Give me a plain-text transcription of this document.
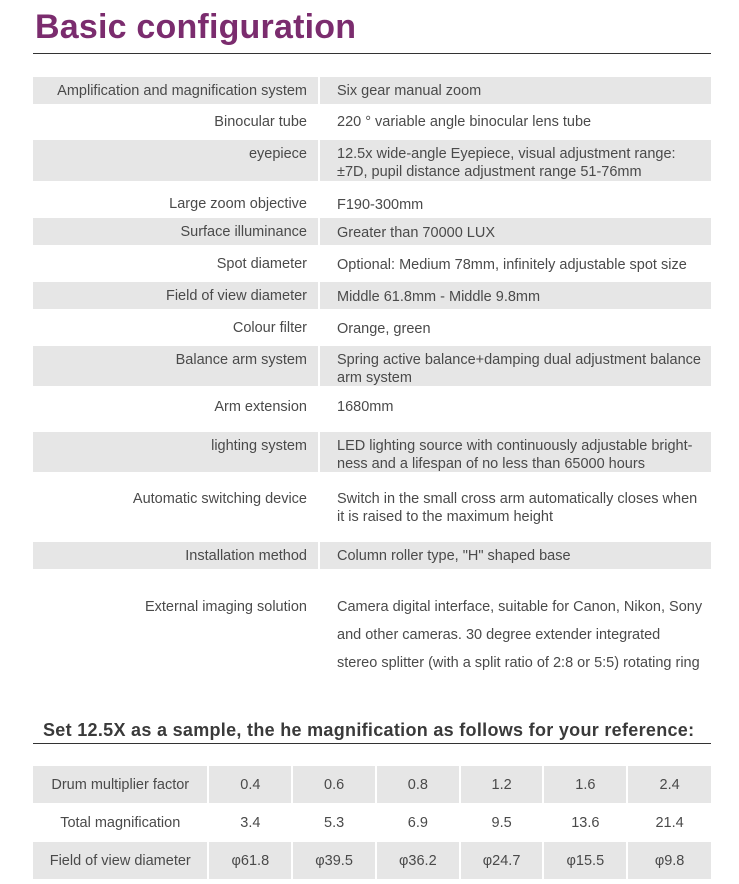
Basic configuration
Amplification and magnification system	Six gear manual zoom
Binocular tube	220 ° variable angle binocular lens tube
eyepiece	12.5x wide-angle Eyepiece, visual adjustment range:
±7D, pupil distance adjustment range 51-76mm
Large zoom objective	F190-300mm
Surface illuminance	Greater than 70000 LUX
Spot diameter	Optional: Medium 78mm, infinitely adjustable spot size
Field of view diameter	Middle 61.8mm - Middle 9.8mm
Colour filter	Orange, green
Balance arm system	Spring active balance+damping dual adjustment balance
arm system
Arm extension	1680mm
lighting system	LED lighting source with continuously adjustable bright-
ness and a lifespan of no less than 65000 hours
Automatic switching device	Switch in the small cross arm automatically closes when
it is raised to the maximum height
Installation method	Column roller type, "H" shaped base
External imaging solution	Camera digital interface, suitable for Canon, Nikon, Sony
and other cameras. 30 degree extender integrated
stereo splitter (with a split ratio of 2:8 or 5:5) rotating ring
Set 12.5X as a sample, the he magnification as follows for your reference:
Drum multiplier factor	0.4	0.6	0.8	1.2	1.6	2.4
Total magnification	3.4	5.3	6.9	9.5	13.6	21.4
Field of view diameter	φ61.8	φ39.5	φ36.2	φ24.7	φ15.5	φ9.8
